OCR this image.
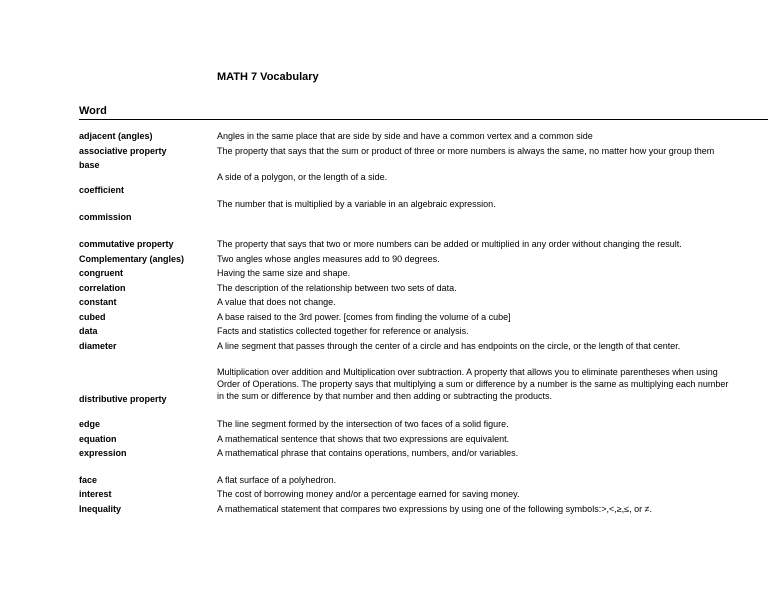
MATH 7 Vocabulary
Word
adjacent (angles)
associative property
base
coefficient
commission
commutative property
Complementary (angles)
congruent
correlation
constant
cubed
data
diameter
distributive property
edge
equation
expression
face
interest
Inequality
Angles in the same place that are side by side and have a common vertex and a common side
The property that says that the sum or product of three or more numbers is always the same, no matter how your group them
A side of a polygon, or the length of a side.
The number that is multiplied by a variable in an algebraic expression.
The property that says that two or more numbers can be added or multiplied in any order without changing the result.
Two angles whose angles measures add to 90 degrees.
Having the same size and shape.
The description of the relationship between two sets of data.
A value that does not change.
A base raised to the 3rd power. [comes from finding the volume of a cube]
Facts and statistics collected together for reference or analysis.
A line segment that passes through the center of a circle and has endpoints on the circle, or the length of that center.
Multiplication over addition and Multiplication over subtraction. A property that allows you to eliminate parentheses when using Order of Operations. The property says that multiplying a sum or difference by a number is the same as multiplying each number in the sum or difference by that number and then adding or subtracting the products.
The line segment formed by the intersection of two faces of a solid figure.
A mathematical sentence that shows that two expressions are equivalent.
A mathematical phrase that contains operations, numbers, and/or variables.
A flat surface of a polyhedron.
The cost of borrowing money and/or a percentage earned for saving money.
A mathematical statement that compares two expressions by using one of the following symbols:>,<,≥,≤, or ≠.
